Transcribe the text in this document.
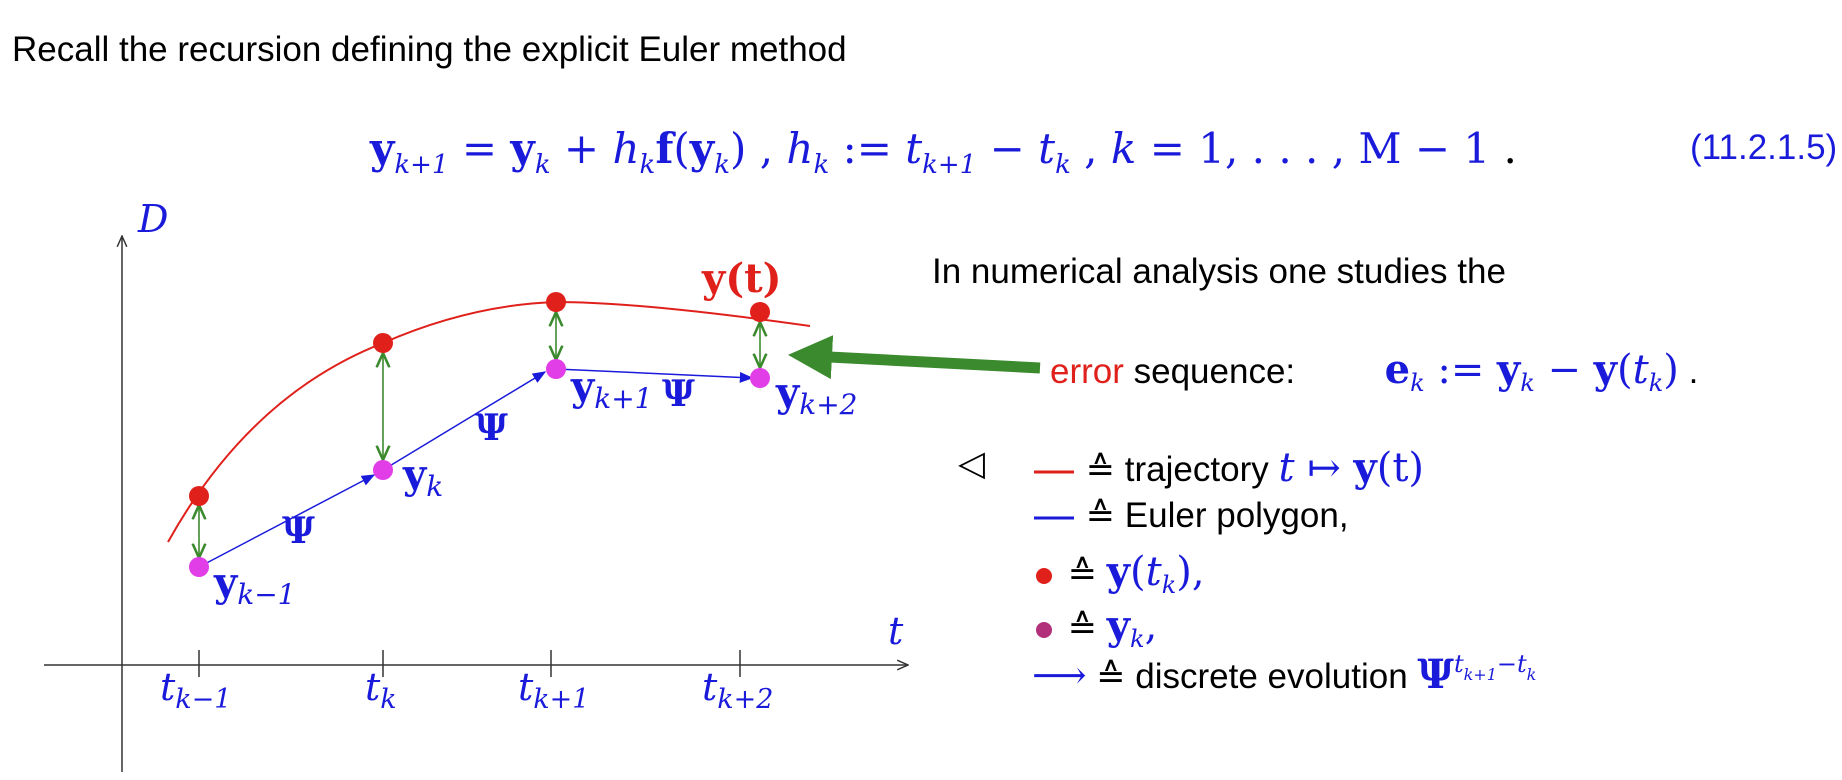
Recall the recursion defining the explicit Euler method
$y_{k+1} = y_k + h_kf(y_k)$ , $h_k$ := $t_{k+1} - t_k$ , k = 1, . . . , M − 1 .	(11.2.1.5)
In numerical analysis one studies the
error sequence: $e_k$ := $y_k - y(t_k)$ .
◁	≙ trajectory t ↦ y(t)
≙ Euler polygon,
≙ $y(t_k)$,
≙ $y_k$,
⟶ ≙ discrete evolution $\Psi^{t_{k+1}-t_k}$
D
t
$t_{k-1}$	$t_k$	$t_{k+1}$	$t_{k+2}$
y(t)
$y_{k-1}$
$y_k$
$y_{k+1}$	$y_{k+2}$
Ψ
Ψ
Ψ
